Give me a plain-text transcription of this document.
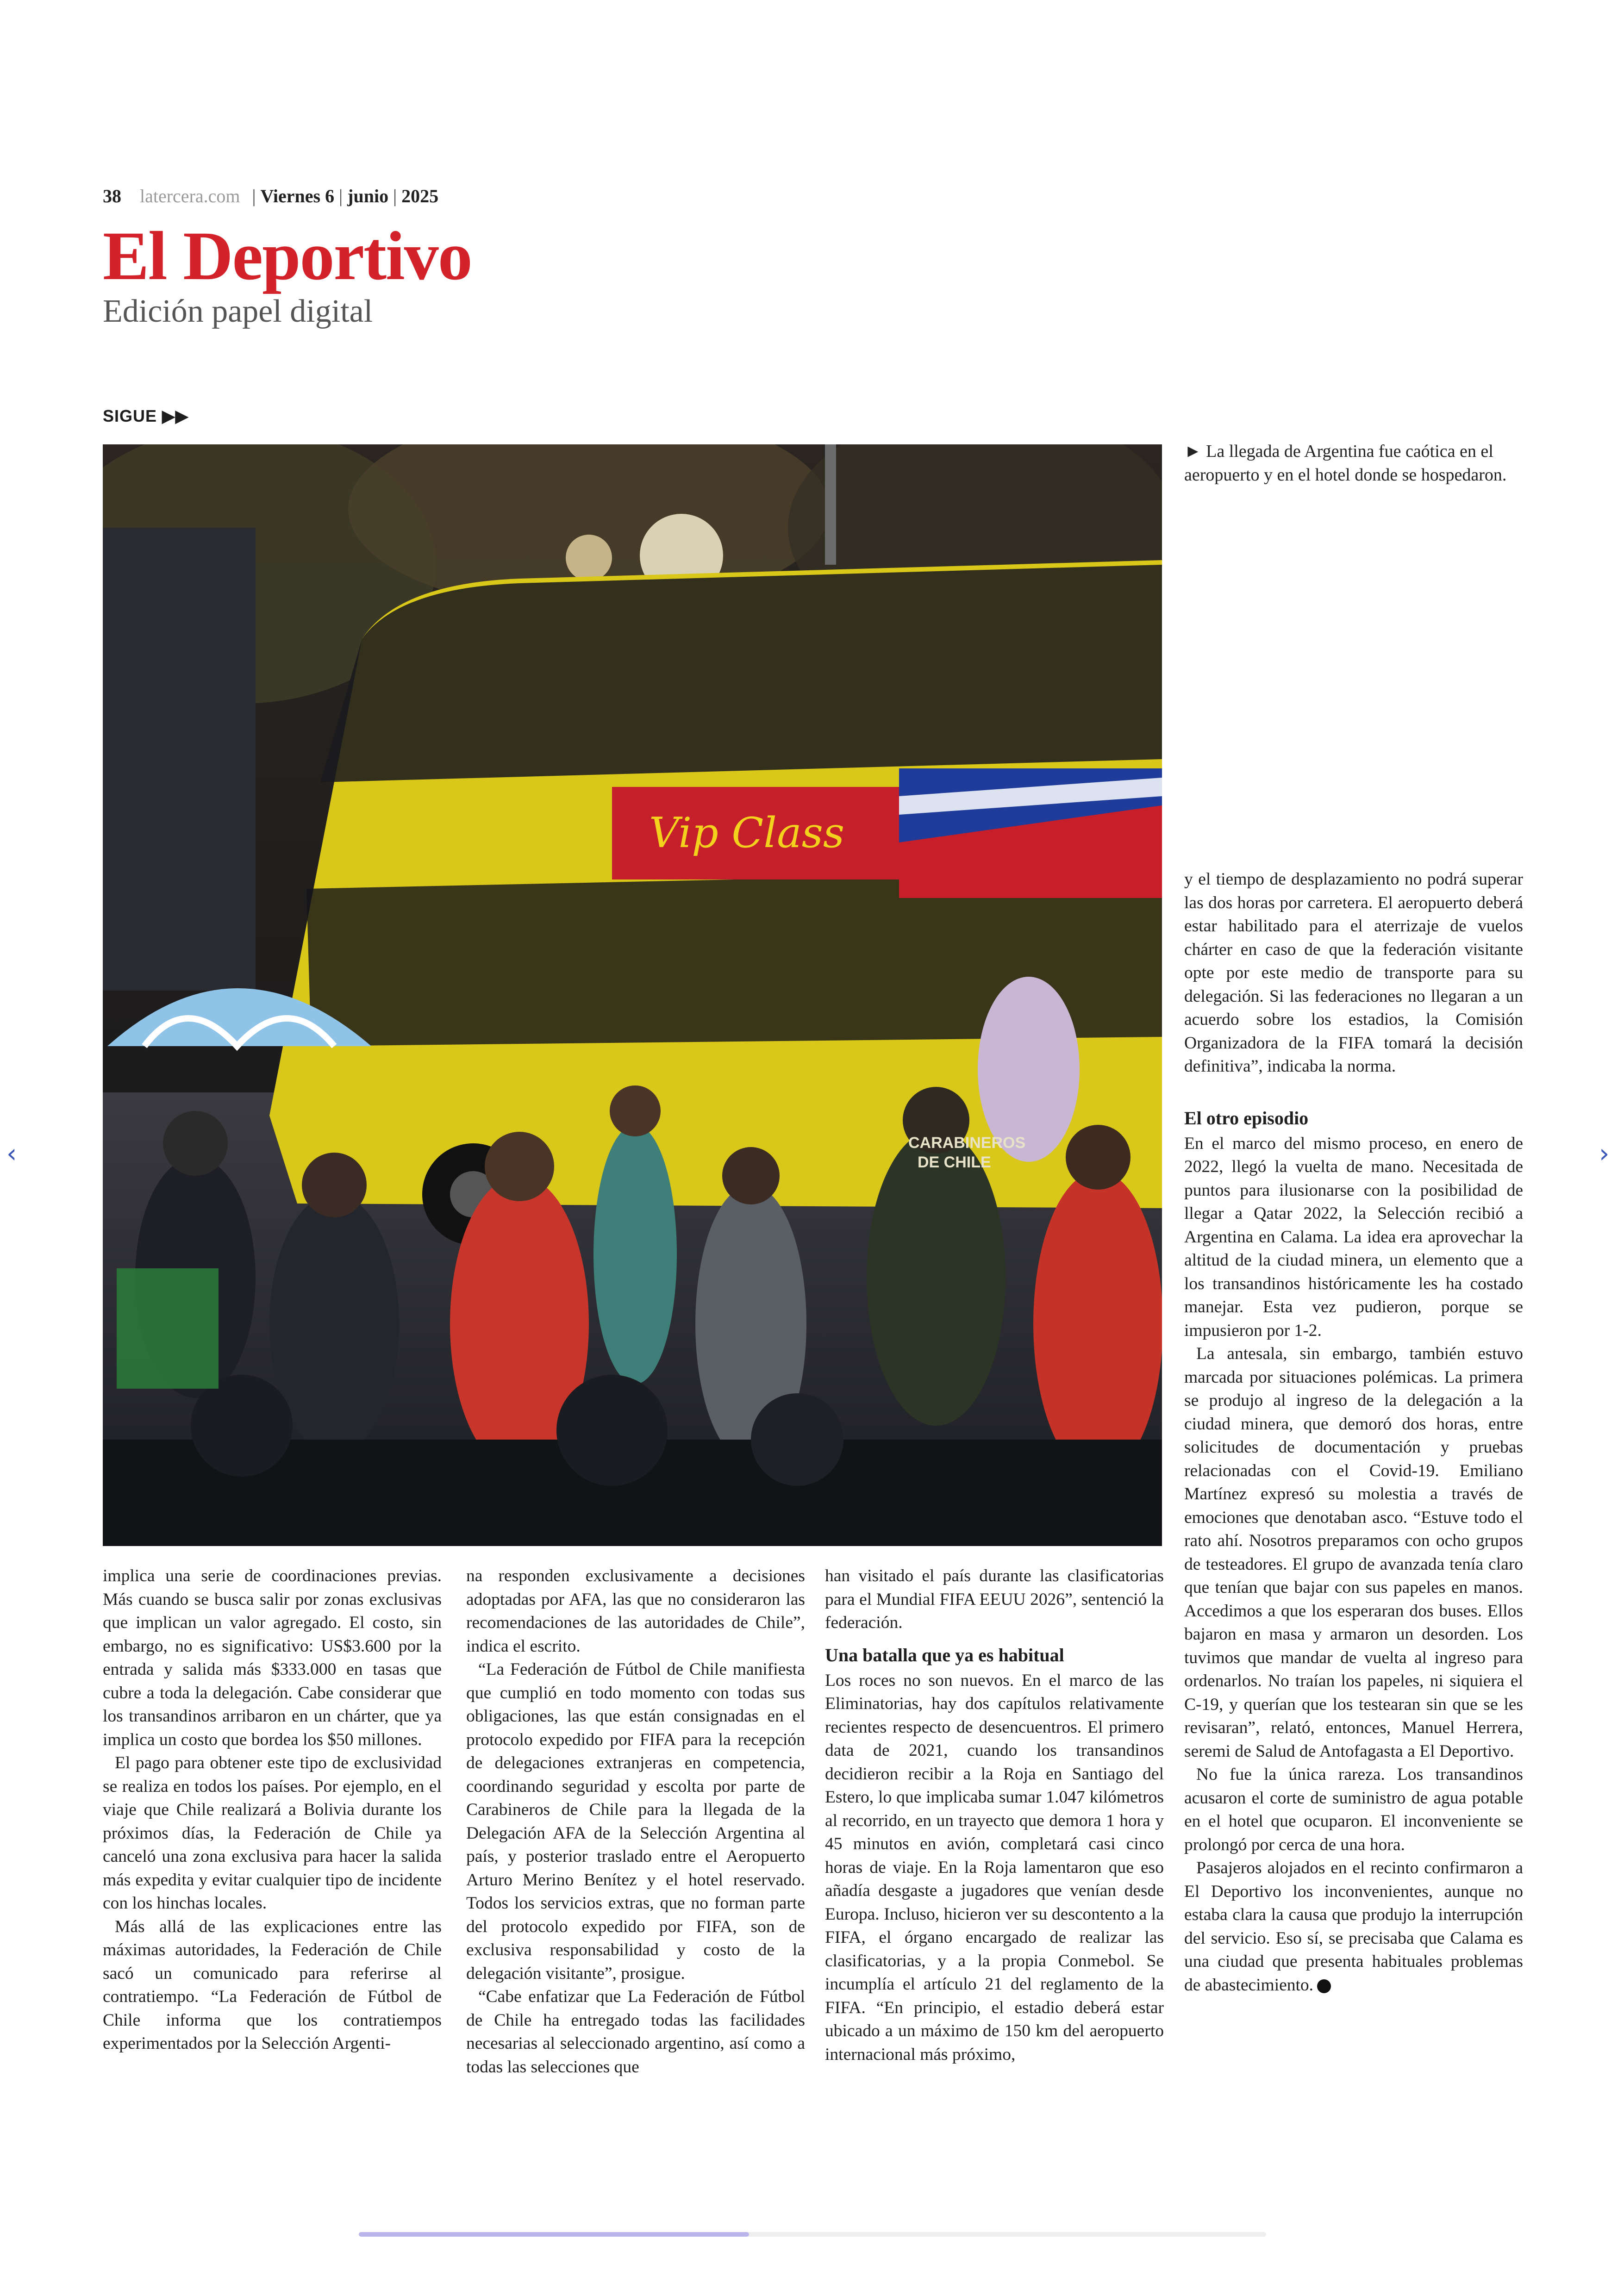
38 latercera.com | Viernes 6 | junio | 2025
El Deportivo
Edición papel digital
SIGUE ▶▶
Vip Class
CARABINEROS
DE CHILE
► La llegada de Argentina fue caótica en el aeropuerto y en el hotel donde se hospedaron.

implica una serie de coordinaciones previas. Más cuando se busca salir por zonas exclusivas que implican un valor agregado. El costo, sin embargo, no es significativo: US$3.600 por la entrada y salida más $333.000 en tasas que cubre a toda la delegación. Cabe considerar que los transandinos arribaron en un chárter, que ya implica un costo que bordea los $50 millones.

El pago para obtener este tipo de exclusividad se realiza en todos los países. Por ejemplo, en el viaje que Chile realizará a Bolivia durante los próximos días, la Federación de Chile ya canceló una zona exclusiva para hacer la salida más expedita y evitar cualquier tipo de incidente con los hinchas locales.

Más allá de las explicaciones entre las máximas autoridades, la Federación de Chile sacó un comunicado para referirse al contratiempo. “La Federación de Fútbol de Chile informa que los contratiempos experimentados por la Selección Argenti-

na responden exclusivamente a decisiones adoptadas por AFA, las que no consideraron las recomendaciones de las autoridades de Chile”, indica el escrito.

“La Federación de Fútbol de Chile manifiesta que cumplió en todo momento con todas sus obligaciones, las que están consignadas en el protocolo expedido por FIFA para la recepción de delegaciones extranjeras en competencia, coordinando seguridad y escolta por parte de Carabineros de Chile para la llegada de la Delegación AFA de la Selección Argentina al país, y posterior traslado entre el Aeropuerto Arturo Merino Benítez y el hotel reservado. Todos los servicios extras, que no forman parte del protocolo expedido por FIFA, son de exclusiva responsabilidad y costo de la delegación visitante”, prosigue.

“Cabe enfatizar que La Federación de Fútbol de Chile ha entregado todas las facilidades necesarias al seleccionado argentino, así como a todas las selecciones que

han visitado el país durante las clasificatorias para el Mundial FIFA EEUU 2026”, sentenció la federación.

Una batalla que ya es habitual

Los roces no son nuevos. En el marco de las Eliminatorias, hay dos capítulos relativamente recientes respecto de desencuentros. El primero data de 2021, cuando los transandinos decidieron recibir a la Roja en Santiago del Estero, lo que implicaba sumar 1.047 kilómetros al recorrido, en un trayecto que demora 1 hora y 45 minutos en avión, completará casi cinco horas de viaje. En la Roja lamentaron que eso añadía desgaste a jugadores que venían desde Europa. Incluso, hicieron ver su descontento a la FIFA, el órgano encargado de realizar las clasificatorias, y a la propia Conmebol. Se incumplía el artículo 21 del reglamento de la FIFA. “En principio, el estadio deberá estar ubicado a un máximo de 150 km del aeropuerto internacional más próximo,

y el tiempo de desplazamiento no podrá superar las dos horas por carretera. El aeropuerto deberá estar habilitado para el aterrizaje de vuelos chárter en caso de que la federación visitante opte por este medio de transporte para su delegación. Si las federaciones no llegaran a un acuerdo sobre los estadios, la Comisión Organizadora de la FIFA tomará la decisión definitiva”, indicaba la norma.

El otro episodio

En el marco del mismo proceso, en enero de 2022, llegó la vuelta de mano. Necesitada de puntos para ilusionarse con la posibilidad de llegar a Qatar 2022, la Selección recibió a Argentina en Calama. La idea era aprovechar la altitud de la ciudad minera, un elemento que a los transandinos históricamente les ha costado manejar. Esta vez pudieron, porque se impusieron por 1-2.

La antesala, sin embargo, también estuvo marcada por situaciones polémicas. La primera se produjo al ingreso de la delegación a la ciudad minera, que demoró dos horas, entre solicitudes de documentación y pruebas relacionadas con el Covid-19. Emiliano Martínez expresó su molestia a través de emociones que denotaban asco. “Estuve todo el rato ahí. Nosotros preparamos con ocho grupos de testeadores. El grupo de avanzada tenía claro que tenían que bajar con sus papeles en manos. Accedimos a que los esperaran dos buses. Ellos bajaron en masa y armaron un desorden. Los tuvimos que mandar de vuelta al ingreso para ordenarlos. No traían los papeles, ni siquiera el C-19, y querían que los testearan sin que se les revisaran”, relató, entonces, Manuel Herrera, seremi de Salud de Antofagasta a El Deportivo.

No fue la única rareza. Los transandinos acusaron el corte de suministro de agua potable en el hotel que ocuparon. El inconveniente se prolongó por cerca de una hora.

Pasajeros alojados en el recinto confirmaron a El Deportivo los inconvenientes, aunque no estaba clara la causa que produjo la interrupción del servicio. Eso sí, se precisaba que Calama es una ciudad que presenta habituales problemas de abastecimiento.

‹	›
